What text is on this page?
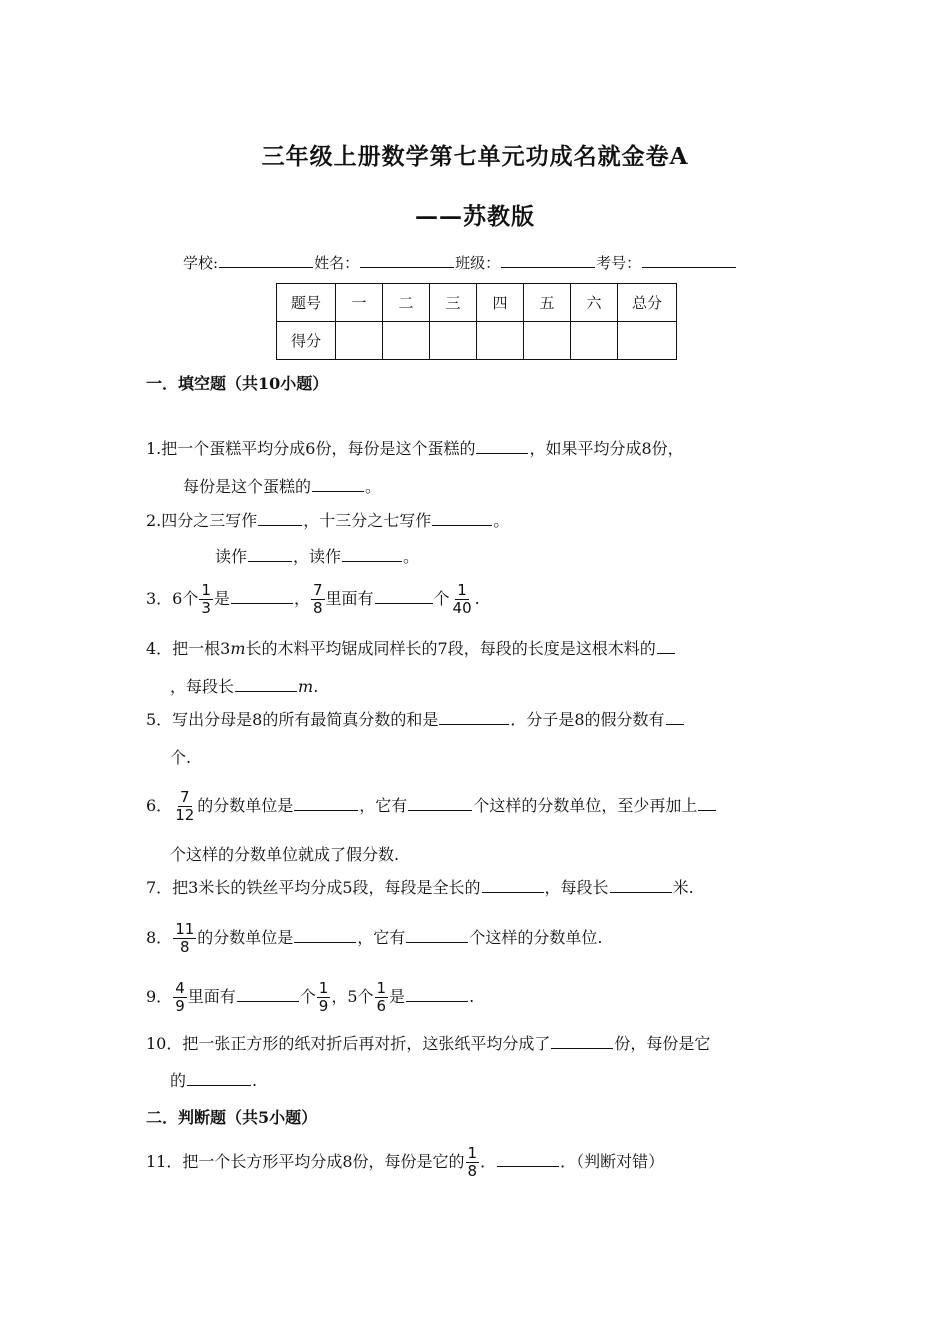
三年级上册数学第七单元功成名就金卷A
——苏教版
学校:	姓名：	班级：	考号：
题号	一	二	三	四	五	六	总分
得分							
一．填空题（共10小题）
1.把一个蛋糕平均分成6份，每份是这个蛋糕的	，如果平均分成8份，
每份是这个蛋糕的	。
2.四分之三写作	，十三分之七写作	。
读作	，读作	。
3．6个 $\frac{1}{3}$ 是	， $\frac{7}{8}$ 里面有	个 $\frac{1}{40}$ .
4．把一根3m长的木料平均锯成同样长的7段，每段的长度是这根木料的
，每段长	m.
5．写出分母是8的所有最简真分数的和是	．分子是8的假分数有
个.
6． $\frac{7}{12}$ 的分数单位是	，它有	个这样的分数单位，至少再加上
个这样的分数单位就成了假分数.
7．把3米长的铁丝平均分成5段，每段是全长的	，每段长	米.
8． $\frac{11}{8}$ 的分数单位是	，它有	个这样的分数单位.
9． $\frac{4}{9}$ 里面有	个 $\frac{1}{9}$ ，5个 $\frac{1}{6}$ 是	.
10．把一张正方形的纸对折后再对折，这张纸平均分成了	份，每份是它
的	.
二．判断题（共5小题）
11．把一个长方形平均分成8份，每份是它的 $\frac{1}{8}$ ．	．（判断对错）
